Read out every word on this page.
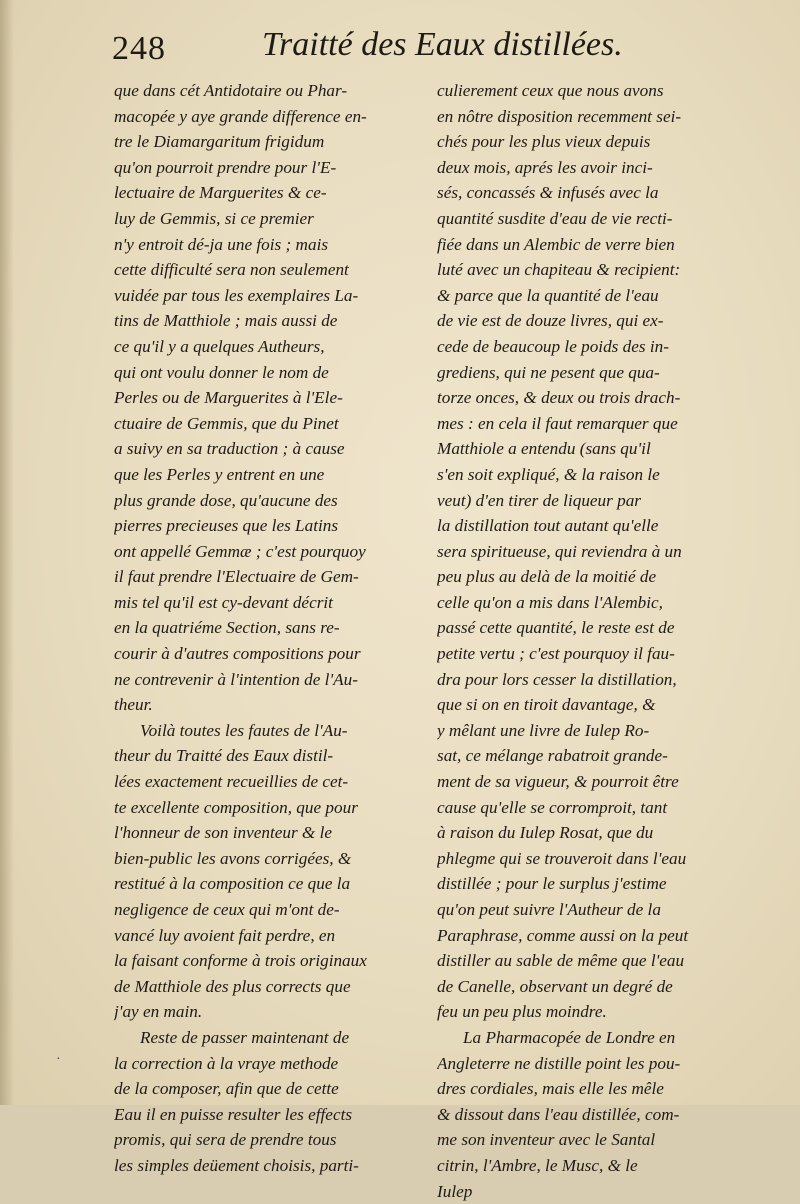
248	Traitté des Eaux distillées.
que dans cét Antidotaire ou Phar-
macopée y aye grande difference en-
tre le Diamargaritum frigidum
qu'on pourroit prendre pour l'E-
lectuaire de Marguerites & ce-
luy de Gemmis, si ce premier
n'y entroit dé-ja une fois ; mais
cette difficulté sera non seulement
vuidée par tous les exemplaires La-
tins de Matthiole ; mais aussi de
ce qu'il y a quelques Autheurs,
qui ont voulu donner le nom de
Perles ou de Marguerites à l'Ele-
ctuaire de Gemmis, que du Pinet
a suivy en sa traduction ; à cause
que les Perles y entrent en une
plus grande dose, qu'aucune des
pierres precieuses que les Latins
ont appellé Gemmæ ; c'est pourquoy
il faut prendre l'Electuaire de Gem-
mis tel qu'il est cy-devant décrit
en la quatriéme Section, sans re-
courir à d'autres compositions pour
ne contrevenir à l'intention de l'Au-
theur.
Voilà toutes les fautes de l'Au-
theur du Traitté des Eaux distil-
lées exactement recueillies de cet-
te excellente composition, que pour
l'honneur de son inventeur & le
bien-public les avons corrigées, &
restitué à la composition ce que la
negligence de ceux qui m'ont de-
vancé luy avoient fait perdre, en
la faisant conforme à trois originaux
de Matthiole des plus corrects que
j'ay en main.
Reste de passer maintenant de
la correction à la vraye methode
de la composer, afin que de cette
Eau il en puisse resulter les effects
promis, qui sera de prendre tous
les simples deüement choisis, parti-
culierement ceux que nous avons
en nôtre disposition recemment sei-
chés pour les plus vieux depuis
deux mois, aprés les avoir inci-
sés, concassés & infusés avec la
quantité susdite d'eau de vie recti-
fiée dans un Alembic de verre bien
luté avec un chapiteau & recipient:
& parce que la quantité de l'eau
de vie est de douze livres, qui ex-
cede de beaucoup le poids des in-
grediens, qui ne pesent que qua-
torze onces, & deux ou trois drach-
mes : en cela il faut remarquer que
Matthiole a entendu (sans qu'il
s'en soit expliqué, & la raison le
veut) d'en tirer de liqueur par
la distillation tout autant qu'elle
sera spiritueuse, qui reviendra à un
peu plus au delà de la moitié de
celle qu'on a mis dans l'Alembic,
passé cette quantité, le reste est de
petite vertu ; c'est pourquoy il fau-
dra pour lors cesser la distillation,
que si on en tiroit davantage, &
y mêlant une livre de Iulep Ro-
sat, ce mélange rabatroit grande-
ment de sa vigueur, & pourroit être
cause qu'elle se corromproit, tant
à raison du Iulep Rosat, que du
phlegme qui se trouveroit dans l'eau
distillée ; pour le surplus j'estime
qu'on peut suivre l'Autheur de la
Paraphrase, comme aussi on la peut
distiller au sable de même que l'eau
de Canelle, observant un degré de
feu un peu plus moindre.
La Pharmacopée de Londre en
Angleterre ne distille point les pou-
dres cordiales, mais elle les mêle
& dissout dans l'eau distillée, com-
me son inventeur avec le Santal
citrin, l'Ambre, le Musc, & le
Iulep
·
